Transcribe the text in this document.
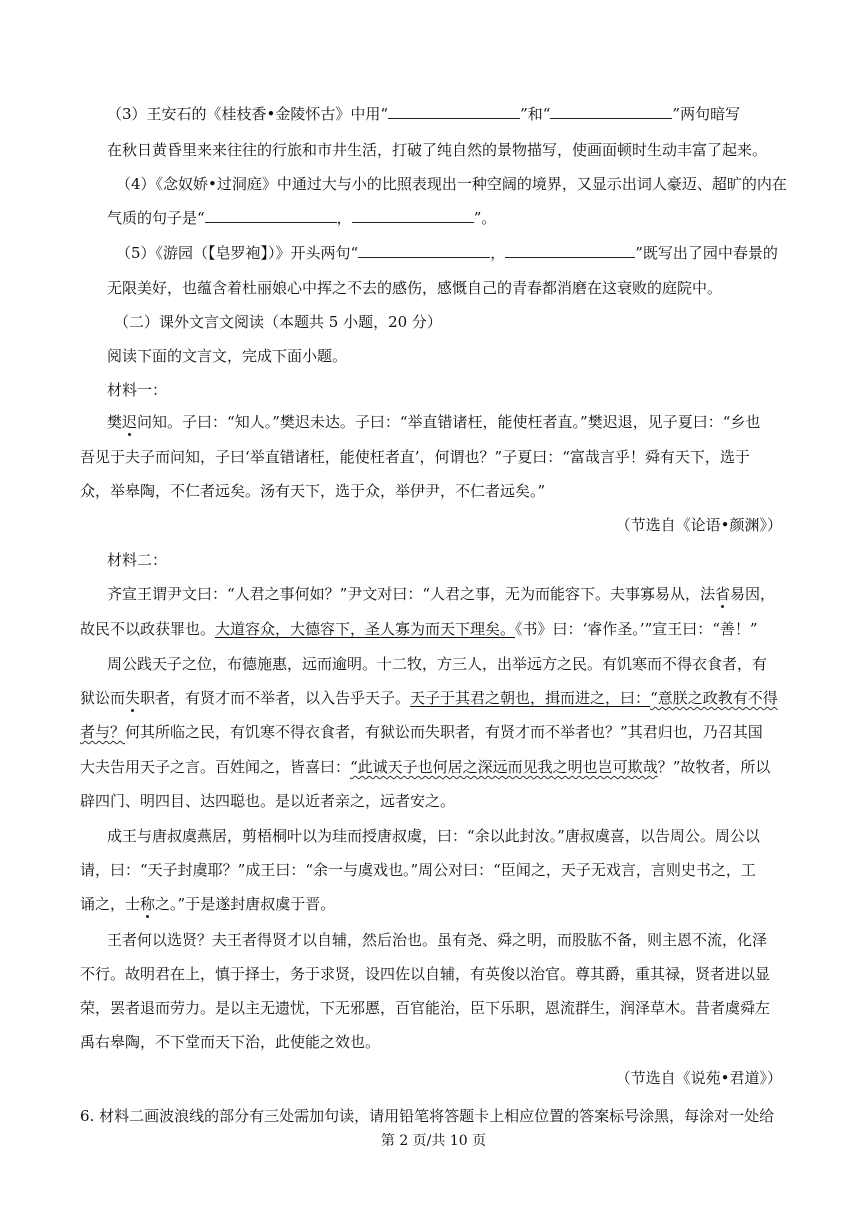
（3）王安石的《桂枝香•金陵怀古》中用“	”和“	”两句暗写
在秋日黄昏里来来往往的行旅和市井生活，打破了纯自然的景物描写，使画面顿时生动丰富了起来。
（4）《念奴娇•过洞庭》中通过大与小的比照表现出一种空阔的境界，又显示出词人豪迈、超旷的内在
气质的句子是“	，	”。
（5）《游园（【皂罗袍】）》开头两句“	，	”既写出了园中春景的
无限美好，也蕴含着杜丽娘心中挥之不去的感伤，感慨自己的青春都消磨在这衰败的庭院中。
（二）课外文言文阅读（本题共 5 小题，20 分）
阅读下面的文言文，完成下面小题。
材料一：
樊迟问知。子曰：“知人。”樊迟未达。子曰：“举直错诸枉，能使枉者直。”樊迟退，见子夏曰：“乡也
吾见于夫子而问知，子曰‘举直错诸枉，能使枉者直’，何谓也？”子夏曰：“富哉言乎！舜有天下，选于
众，举皋陶，不仁者远矣。汤有天下，选于众，举伊尹，不仁者远矣。”
（节选自《论语•颜渊》）
材料二：
齐宣王谓尹文曰：“人君之事何如？”尹文对曰：“人君之事，无为而能容下。夫事寡易从，法省易因，
故民不以政获罪也。大道容众，大德容下，圣人寡为而天下理矣。《书》曰：‘睿作圣。’”宣王曰：“善！”
周公践天子之位，布德施惠，远而逾明。十二牧，方三人，出举远方之民。有饥寒而不得衣食者，有
狱讼而失职者，有贤才而不举者，以入告乎天子。天子于其君之朝也，揖而进之，曰：“意朕之政教有不得
者与？何其所临之民，有饥寒不得衣食者，有狱讼而失职者，有贤才而不举者也？”其君归也，乃召其国
大夫告用天子之言。百姓闻之，皆喜曰：“此诚天子也何居之深远而见我之明也岂可欺哉？”故牧者，所以
辟四门、明四目、达四聪也。是以近者亲之，远者安之。
成王与唐叔虞燕居，剪梧桐叶以为珪而授唐叔虞，曰：“余以此封汝。”唐叔虞喜，以告周公。周公以
请，曰：“天子封虞耶？”成王曰：“余一与虞戏也。”周公对曰：“臣闻之，天子无戏言，言则史书之，工
诵之，士称之。”于是遂封唐叔虞于晋。
王者何以选贤？夫王者得贤才以自辅，然后治也。虽有尧、舜之明，而股肱不备，则主恩不流，化泽
不行。故明君在上，慎于择士，务于求贤，设四佐以自辅，有英俊以治官。尊其爵，重其禄，贤者进以显
荣，罢者退而劳力。是以主无遗忧，下无邪慝，百官能治，臣下乐职，恩流群生，润泽草木。昔者虞舜左
禹右皋陶，不下堂而天下治，此使能之效也。
（节选自《说苑•君道》）
6. 材料二画波浪线的部分有三处需加句读，请用铅笔将答题卡上相应位置的答案标号涂黑，每涂对一处给
第 2 页/共 10 页
